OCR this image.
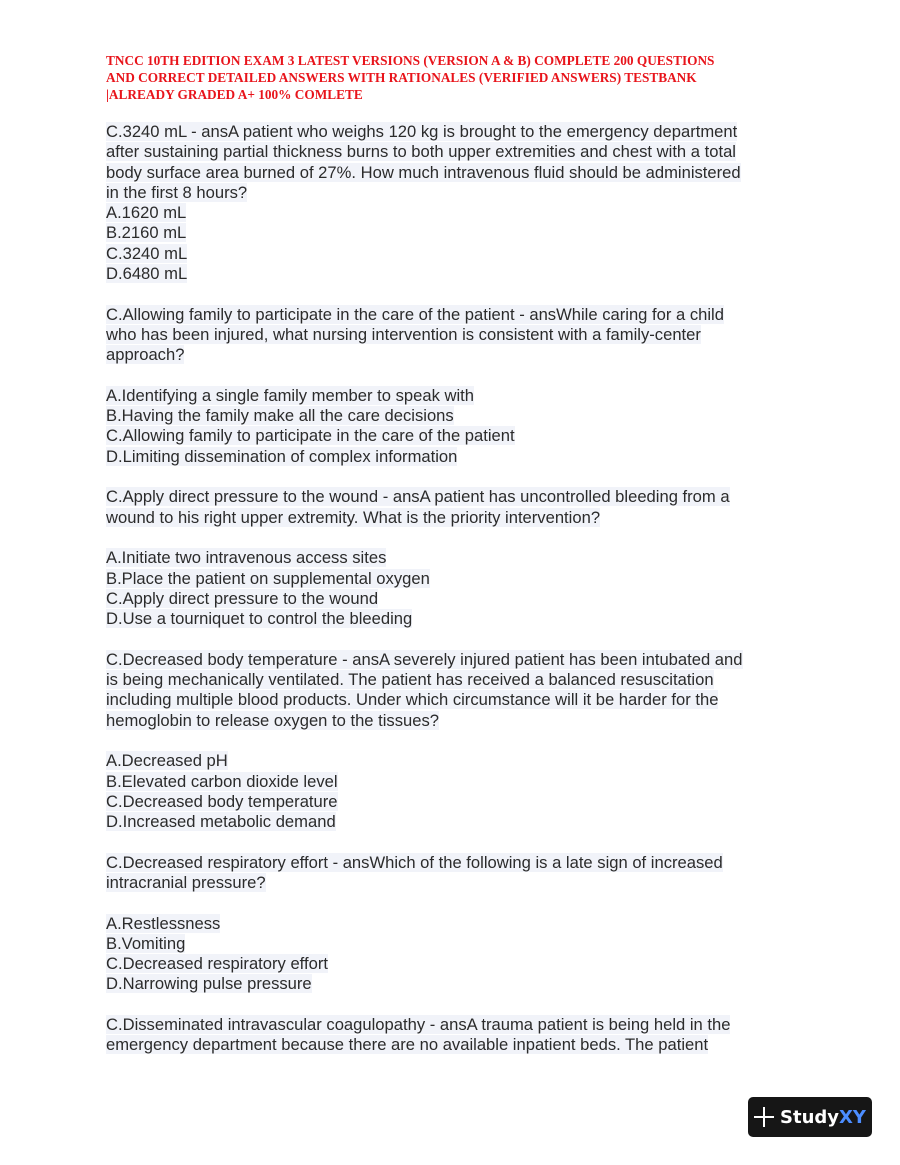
TNCC 10TH EDITION EXAM 3 LATEST VERSIONS (VERSION A & B) COMPLETE 200 QUESTIONS
AND CORRECT DETAILED ANSWERS WITH RATIONALES (VERIFIED ANSWERS) TESTBANK
|ALREADY GRADED A+ 100% COMLETE
C.3240 mL - ansA patient who weighs 120 kg is brought to the emergency department
after sustaining partial thickness burns to both upper extremities and chest with a total
body surface area burned of 27%. How much intravenous fluid should be administered
in the first 8 hours?
A.1620 mL
B.2160 mL
C.3240 mL
D.6480 mL
C.Allowing family to participate in the care of the patient - ansWhile caring for a child
who has been injured, what nursing intervention is consistent with a family-center
approach?
A.Identifying a single family member to speak with
B.Having the family make all the care decisions
C.Allowing family to participate in the care of the patient
D.Limiting dissemination of complex information
C.Apply direct pressure to the wound - ansA patient has uncontrolled bleeding from a
wound to his right upper extremity. What is the priority intervention?
A.Initiate two intravenous access sites
B.Place the patient on supplemental oxygen
C.Apply direct pressure to the wound
D.Use a tourniquet to control the bleeding
C.Decreased body temperature - ansA severely injured patient has been intubated and
is being mechanically ventilated. The patient has received a balanced resuscitation
including multiple blood products. Under which circumstance will it be harder for the
hemoglobin to release oxygen to the tissues?
A.Decreased pH
B.Elevated carbon dioxide level
C.Decreased body temperature
D.Increased metabolic demand
C.Decreased respiratory effort - ansWhich of the following is a late sign of increased
intracranial pressure?
A.Restlessness
B.Vomiting
C.Decreased respiratory effort
D.Narrowing pulse pressure
C.Disseminated intravascular coagulopathy - ansA trauma patient is being held in the
emergency department because there are no available inpatient beds. The patient
Study XY
